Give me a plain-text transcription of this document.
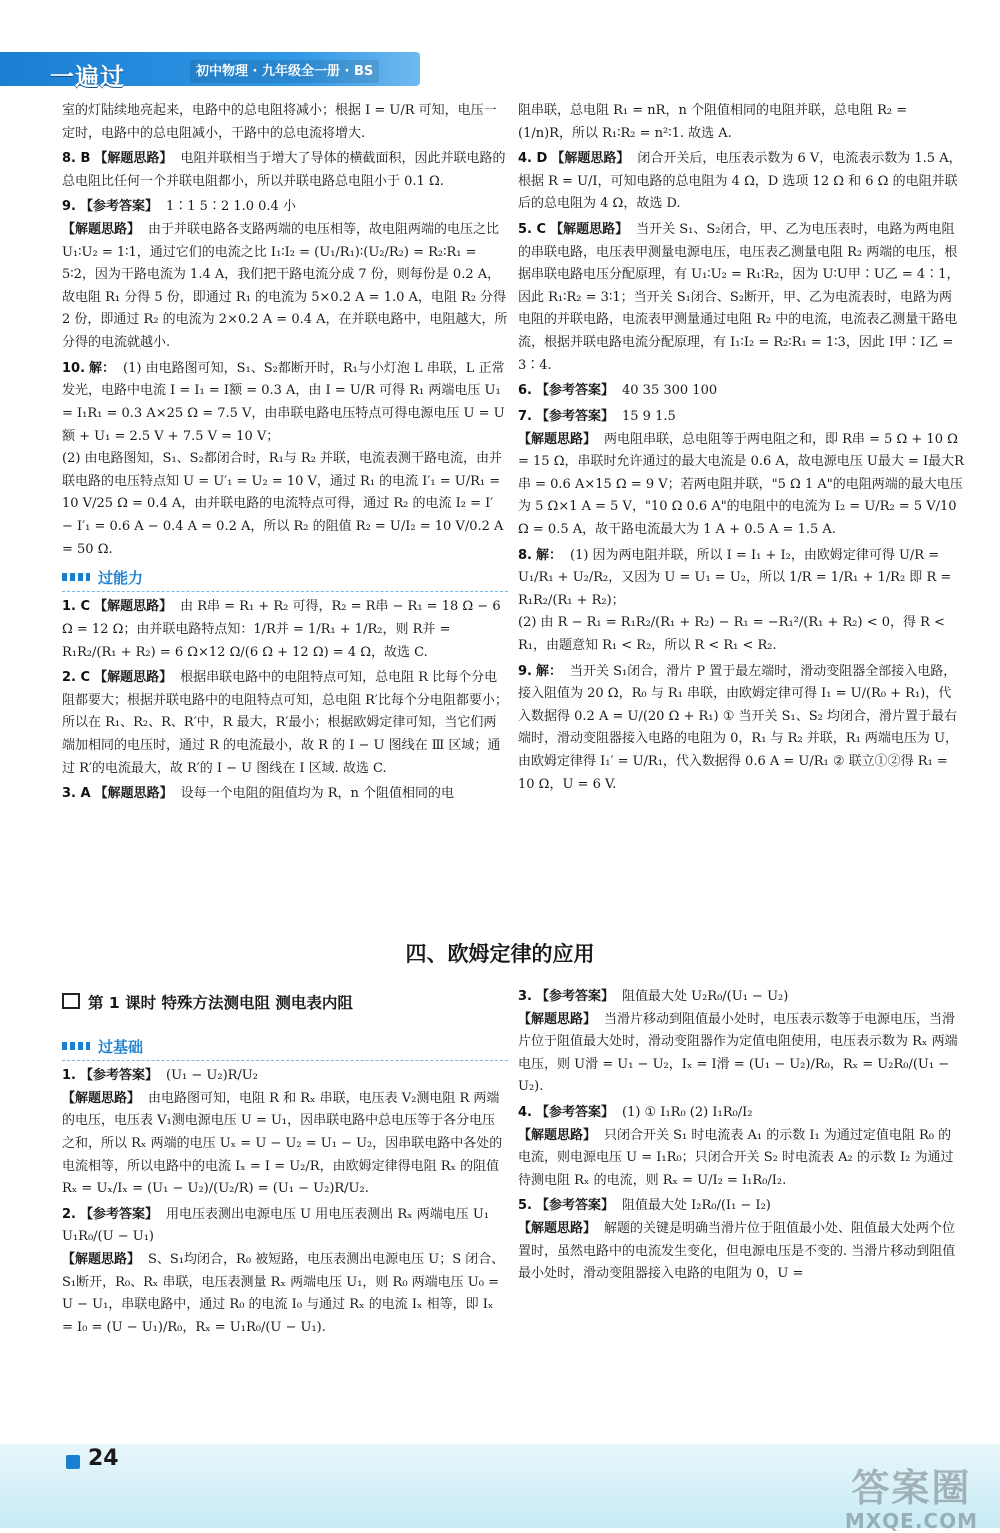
一遍过	初中物理 · 九年级全一册 · BS
室的灯陆续地亮起来，电路中的总电阻将减小；根据 I = U/R 可知，电压一定时，电路中的总电阻减小，干路中的总电流将增大.
8. B 【解题思路】 电阻并联相当于增大了导体的横截面积，因此并联电路的总电阻比任何一个并联电阻都小，所以并联电路总电阻小于 0.1 Ω.
9. 【参考答案】 1∶1 5∶2 1.0 0.4 小
【解题思路】 由于并联电路各支路两端的电压相等，故电阻两端的电压之比 U₁∶U₂ = 1∶1，通过它们的电流之比 I₁∶I₂ = (U₁/R₁)∶(U₂/R₂) = R₂∶R₁ = 5∶2，因为干路电流为 1.4 A，我们把干路电流分成 7 份，则每份是 0.2 A，故电阻 R₁ 分得 5 份，即通过 R₁ 的电流为 5×0.2 A = 1.0 A，电阻 R₂ 分得 2 份，即通过 R₂ 的电流为 2×0.2 A = 0.4 A，在并联电路中，电阻越大，所分得的电流就越小.
10. 解： (1) 由电路图可知，S₁、S₂都断开时，R₁与小灯泡 L 串联，L 正常发光，电路中电流 I = I₁ = I额 = 0.3 A，由 I = U/R 可得 R₁ 两端电压 U₁ = I₁R₁ = 0.3 A×25 Ω = 7.5 V，由串联电路电压特点可得电源电压 U = U额 + U₁ = 2.5 V + 7.5 V = 10 V；
(2) 由电路图知，S₁、S₂都闭合时，R₁与 R₂ 并联，电流表测干路电流，由并联电路的电压特点知 U = U′₁ = U₂ = 10 V，通过 R₁ 的电流 I′₁ = U/R₁ = 10 V/25 Ω = 0.4 A，由并联电路的电流特点可得，通过 R₂ 的电流 I₂ = I′ − I′₁ = 0.6 A − 0.4 A = 0.2 A，所以 R₂ 的阻值 R₂ = U/I₂ = 10 V/0.2 A = 50 Ω.
过能力
1. C 【解题思路】 由 R串 = R₁ + R₂ 可得，R₂ = R串 − R₁ = 18 Ω − 6 Ω = 12 Ω；由并联电路特点知：1/R并 = 1/R₁ + 1/R₂，则 R并 = R₁R₂/(R₁ + R₂) = 6 Ω×12 Ω/(6 Ω + 12 Ω) = 4 Ω，故选 C.
2. C 【解题思路】 根据串联电路中的电阻特点可知，总电阻 R 比每个分电阻都要大；根据并联电路中的电阻特点可知，总电阻 R′比每个分电阻都要小；所以在 R₁、R₂、R、R′中，R 最大，R′最小；根据欧姆定律可知，当它们两端加相同的电压时，通过 R 的电流最小，故 R 的 I − U 图线在 Ⅲ 区域；通过 R′的电流最大，故 R′的 I − U 图线在 Ⅰ 区域. 故选 C.
3. A 【解题思路】 设每一个电阻的阻值均为 R，n 个阻值相同的电
阻串联，总电阻 R₁ = nR，n 个阻值相同的电阻并联，总电阻 R₂ = (1/n)R，所以 R₁∶R₂ = n²∶1. 故选 A.
4. D 【解题思路】 闭合开关后，电压表示数为 6 V，电流表示数为 1.5 A，根据 R = U/I，可知电路的总电阻为 4 Ω，D 选项 12 Ω 和 6 Ω 的电阻并联后的总电阻为 4 Ω，故选 D.
5. C 【解题思路】 当开关 S₁、S₂闭合，甲、乙为电压表时，电路为两电阻的串联电路，电压表甲测量电源电压，电压表乙测量电阻 R₂ 两端的电压，根据串联电路电压分配原理，有 U₁∶U₂ = R₁∶R₂，因为 U∶U甲∶U乙 = 4∶1，因此 R₁∶R₂ = 3∶1；当开关 S₁闭合、S₂断开，甲、乙为电流表时，电路为两电阻的并联电路，电流表甲测量通过电阻 R₂ 中的电流，电流表乙测量干路电流，根据并联电路电流分配原理，有 I₁∶I₂ = R₂∶R₁ = 1∶3，因此 I甲∶I乙 = 3∶4.
6. 【参考答案】 40 35 300 100
7. 【参考答案】 15 9 1.5
【解题思路】 两电阻串联，总电阻等于两电阻之和，即 R串 = 5 Ω + 10 Ω = 15 Ω，串联时允许通过的最大电流是 0.6 A，故电源电压 U最大 = I最大R串 = 0.6 A×15 Ω = 9 V；若两电阻并联，"5 Ω 1 A"的电阻两端的最大电压为 5 Ω×1 A = 5 V，"10 Ω 0.6 A"的电阻中的电流为 I₂ = U/R₂ = 5 V/10 Ω = 0.5 A，故干路电流最大为 1 A + 0.5 A = 1.5 A.
8. 解： (1) 因为两电阻并联，所以 I = I₁ + I₂，由欧姆定律可得 U/R = U₁/R₁ + U₂/R₂，又因为 U = U₁ = U₂，所以 1/R = 1/R₁ + 1/R₂ 即 R = R₁R₂/(R₁ + R₂)；
(2) 由 R − R₁ = R₁R₂/(R₁ + R₂) − R₁ = −R₁²/(R₁ + R₂) < 0，得 R < R₁，由题意知 R₁ < R₂，所以 R < R₁ < R₂.
9. 解： 当开关 S₁闭合，滑片 P 置于最左端时，滑动变阻器全部接入电路，接入阻值为 20 Ω，R₀ 与 R₁ 串联，由欧姆定律可得 I₁ = U/(R₀ + R₁)，代入数据得 0.2 A = U/(20 Ω + R₁) ① 当开关 S₁、S₂ 均闭合，滑片置于最右端时，滑动变阻器接入电路的电阻为 0，R₁ 与 R₂ 并联，R₁ 两端电压为 U，由欧姆定律得 I₁′ = U/R₁，代入数据得 0.6 A = U/R₁ ② 联立①②得 R₁ = 10 Ω，U = 6 V.
四、欧姆定律的应用
第 1 课时 特殊方法测电阻 测电表内阻
过基础
1. 【参考答案】 (U₁ − U₂)R/U₂
【解题思路】 由电路图可知，电阻 R 和 Rₓ 串联，电压表 V₂测电阻 R 两端的电压，电压表 V₁测电源电压 U = U₁，因串联电路中总电压等于各分电压之和，所以 Rₓ 两端的电压 Uₓ = U − U₂ = U₁ − U₂，因串联电路中各处的电流相等，所以电路中的电流 Iₓ = I = U₂/R，由欧姆定律得电阻 Rₓ 的阻值 Rₓ = Uₓ/Iₓ = (U₁ − U₂)/(U₂/R) = (U₁ − U₂)R/U₂.
2. 【参考答案】 用电压表测出电源电压 U 用电压表测出 Rₓ 两端电压 U₁ U₁R₀/(U − U₁)
【解题思路】 S、S₁均闭合，R₀ 被短路，电压表测出电源电压 U；S 闭合、S₁断开，R₀、Rₓ 串联，电压表测量 Rₓ 两端电压 U₁，则 R₀ 两端电压 U₀ = U − U₁，串联电路中，通过 R₀ 的电流 I₀ 与通过 Rₓ 的电流 Iₓ 相等，即 Iₓ = I₀ = (U − U₁)/R₀，Rₓ = U₁R₀/(U − U₁).
3. 【参考答案】 阻值最大处 U₂R₀/(U₁ − U₂)
【解题思路】 当滑片移动到阻值最小处时，电压表示数等于电源电压，当滑片位于阻值最大处时，滑动变阻器作为定值电阻使用，电压表示数为 Rₓ 两端电压，则 U滑 = U₁ − U₂，Iₓ = I滑 = (U₁ − U₂)/R₀，Rₓ = U₂R₀/(U₁ − U₂).
4. 【参考答案】 (1) ① I₁R₀ (2) I₁R₀/I₂
【解题思路】 只闭合开关 S₁ 时电流表 A₁ 的示数 I₁ 为通过定值电阻 R₀ 的电流，则电源电压 U = I₁R₀；只闭合开关 S₂ 时电流表 A₂ 的示数 I₂ 为通过待测电阻 Rₓ 的电流，则 Rₓ = U/I₂ = I₁R₀/I₂.
5. 【参考答案】 阻值最大处 I₂R₀/(I₁ − I₂)
【解题思路】 解题的关键是明确当滑片位于阻值最小处、阻值最大处两个位置时，虽然电路中的电流发生变化，但电源电压是不变的. 当滑片移动到阻值最小处时，滑动变阻器接入电路的电阻为 0，U =
24
答案圈
MXQE.COM
